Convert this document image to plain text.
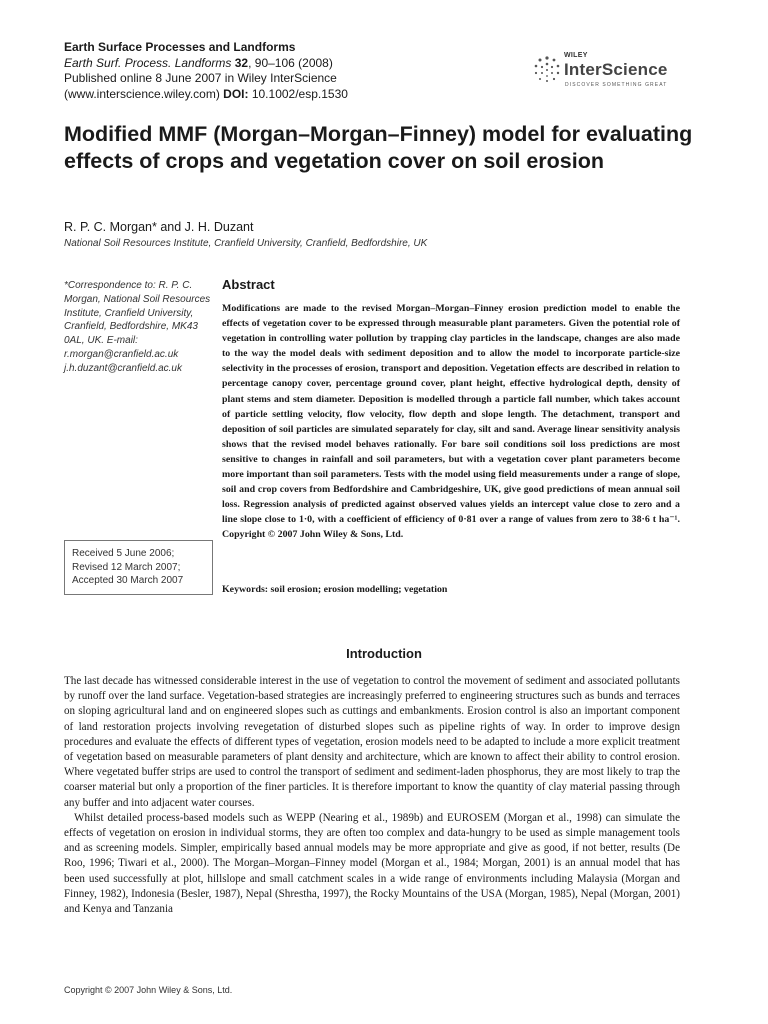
Earth Surface Processes and Landforms
Earth Surf. Process. Landforms 32, 90–106 (2008)
Published online 8 June 2007 in Wiley InterScience
(www.interscience.wiley.com) DOI: 10.1002/esp.1530
WILEY
InterScience
DISCOVER SOMETHING GREAT
Modified MMF (Morgan–Morgan–Finney) model for evaluating effects of crops and vegetation cover on soil erosion
R. P. C. Morgan* and J. H. Duzant
National Soil Resources Institute, Cranfield University, Cranfield, Bedfordshire, UK
*Correspondence to: R. P. C.
Morgan, National Soil Resources
Institute, Cranfield University,
Cranfield, Bedfordshire, MK43
0AL, UK. E-mail:
r.morgan@cranfield.ac.uk
j.h.duzant@cranfield.ac.uk
Received 5 June 2006;
Revised 12 March 2007;
Accepted 30 March 2007
Abstract

Modifications are made to the revised Morgan–Morgan–Finney erosion prediction model to enable the effects of vegetation cover to be expressed through measurable plant parameters. Given the potential role of vegetation in controlling water pollution by trapping clay particles in the landscape, changes are also made to the way the model deals with sediment deposition and to allow the model to incorporate particle-size selectivity in the processes of erosion, transport and deposition. Vegetation effects are described in relation to percentage canopy cover, percentage ground cover, plant height, effective hydrological depth, density of plant stems and stem diameter. Deposition is modelled through a particle fall number, which takes account of particle settling velocity, flow velocity, flow depth and slope length. The detachment, transport and deposition of soil particles are simulated separately for clay, silt and sand. Average linear sensitivity analysis shows that the revised model behaves rationally. For bare soil conditions soil loss predictions are most sensitive to changes in rainfall and soil parameters, but with a vegetation cover plant parameters become more important than soil parameters. Tests with the model using field measurements under a range of slope, soil and crop covers from Bedfordshire and Cambridgeshire, UK, give good predictions of mean annual soil loss. Regression analysis of predicted against observed values yields an intercept value close to zero and a line slope close to 1·0, with a coefficient of efficiency of 0·81 over a range of values from zero to 38·6 t ha⁻¹. Copyright © 2007 John Wiley & Sons, Ltd.

Keywords: soil erosion; erosion modelling; vegetation
Introduction

The last decade has witnessed considerable interest in the use of vegetation to control the movement of sediment and associated pollutants by runoff over the land surface. Vegetation-based strategies are increasingly preferred to engineering structures such as bunds and terraces on sloping agricultural land and on engineered slopes such as cuttings and embankments. Erosion control is also an important component of land restoration projects involving revegetation of disturbed slopes such as pipeline rights of way. In order to improve design procedures and evaluate the effects of different types of vegetation, erosion models need to be adapted to include a more explicit treatment of vegetation based on measurable parameters of plant density and architecture, which are known to affect their ability to control erosion. Where vegetated buffer strips are used to control the transport of sediment and sediment-laden phosphorus, they are most likely to trap the coarser material but only a proportion of the finer particles. It is therefore important to know the quantity of clay material passing through any buffer and into adjacent water courses.

Whilst detailed process-based models such as WEPP (Nearing et al., 1989b) and EUROSEM (Morgan et al., 1998) can simulate the effects of vegetation on erosion in individual storms, they are often too complex and data-hungry to be used as simple management tools and as screening models. Simpler, empirically based annual models may be more appropriate and give as good, if not better, results (De Roo, 1996; Tiwari et al., 2000). The Morgan–Morgan–Finney model (Morgan et al., 1984; Morgan, 2001) is an annual model that has been used successfully at plot, hillslope and small catchment scales in a wide range of environments including Malaysia (Morgan and Finney, 1982), Indonesia (Besler, 1987), Nepal (Shrestha, 1997), the Rocky Mountains of the USA (Morgan, 1985), Nepal (Morgan, 2001) and Kenya and Tanzania

Copyright © 2007 John Wiley & Sons, Ltd.
